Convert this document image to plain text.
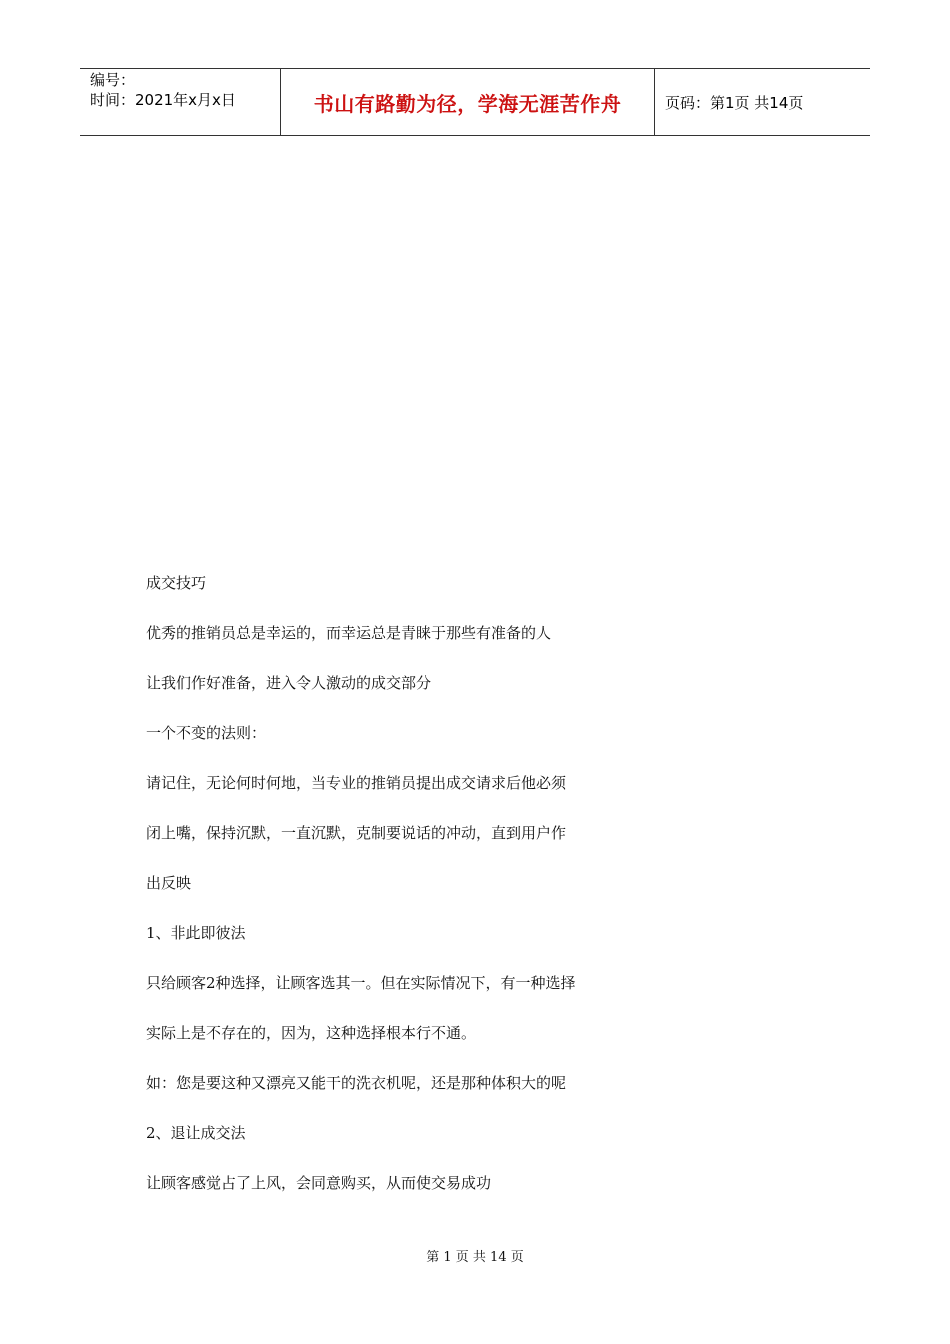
编号：
时间：2021年x月x日	书山有路勤为径，学海无涯苦作舟	页码：第1页 共14页

成交技巧

优秀的推销员总是幸运的，而幸运总是青睐于那些有准备的人

让我们作好准备，进入令人激动的成交部分

一个不变的法则：

请记住，无论何时何地，当专业的推销员提出成交请求后他必须

闭上嘴，保持沉默，一直沉默，克制要说话的冲动，直到用户作

出反映

1、非此即彼法

只给顾客2种选择，让顾客选其一。但在实际情况下，有一种选择

实际上是不存在的，因为，这种选择根本行不通。

如：您是要这种又漂亮又能干的洗衣机呢，还是那种体积大的呢

2、退让成交法

让顾客感觉占了上风，会同意购买，从而使交易成功

第 1 页 共 14 页
